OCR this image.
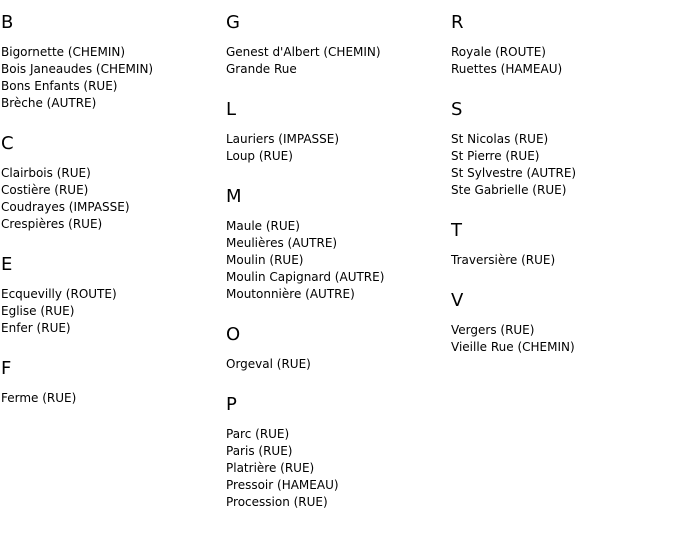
B
Bigornette (CHEMIN)
Bois Janeaudes (CHEMIN)
Bons Enfants (RUE)
Brèche (AUTRE)
C
Clairbois (RUE)
Costière (RUE)
Coudrayes (IMPASSE)
Crespières (RUE)
E
Ecquevilly (ROUTE)
Eglise (RUE)
Enfer (RUE)
F
Ferme (RUE)
G
Genest d'Albert (CHEMIN)
Grande Rue
L
Lauriers (IMPASSE)
Loup (RUE)
M
Maule (RUE)
Meulières (AUTRE)
Moulin (RUE)
Moulin Capignard (AUTRE)
Moutonnière (AUTRE)
O
Orgeval (RUE)
P
Parc (RUE)
Paris (RUE)
Platrière (RUE)
Pressoir (HAMEAU)
Procession (RUE)
R
Royale (ROUTE)
Ruettes (HAMEAU)
S
St Nicolas (RUE)
St Pierre (RUE)
St Sylvestre (AUTRE)
Ste Gabrielle (RUE)
T
Traversière (RUE)
V
Vergers (RUE)
Vieille Rue (CHEMIN)
